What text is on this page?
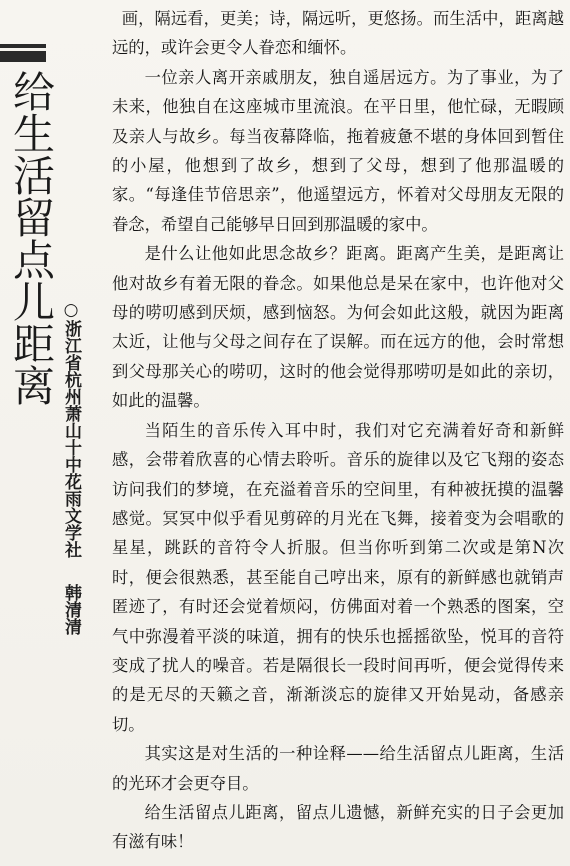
给生活留点儿距离
○浙江省杭州萧山十中花雨文学社韩清清

画，隔远看，更美；诗，隔远听，更悠扬。而生活中，距离越远的，或许会更令人眷恋和缅怀。

一位亲人离开亲戚朋友，独自遥居远方。为了事业，为了未来，他独自在这座城市里流浪。在平日里，他忙碌，无暇顾及亲人与故乡。每当夜幕降临，拖着疲惫不堪的身体回到暂住的小屋，他想到了故乡，想到了父母，想到了他那温暖的家。“每逢佳节倍思亲”，他遥望远方，怀着对父母朋友无限的眷念，希望自己能够早日回到那温暖的家中。

是什么让他如此思念故乡？距离。距离产生美，是距离让他对故乡有着无限的眷念。如果他总是呆在家中，也许他对父母的唠叨感到厌烦，感到恼怒。为何会如此这般，就因为距离太近，让他与父母之间存在了误解。而在远方的他，会时常想到父母那关心的唠叨，这时的他会觉得那唠叨是如此的亲切，如此的温馨。

当陌生的音乐传入耳中时，我们对它充满着好奇和新鲜感，会带着欣喜的心情去聆听。音乐的旋律以及它飞翔的姿态访问我们的梦境，在充溢着音乐的空间里，有种被抚摸的温馨感觉。冥冥中似乎看见剪碎的月光在飞舞，接着变为会唱歌的星星，跳跃的音符令人折服。但当你听到第二次或是第N次时，便会很熟悉，甚至能自己哼出来，原有的新鲜感也就销声匿迹了，有时还会觉着烦闷，仿佛面对着一个熟悉的图案，空气中弥漫着平淡的味道，拥有的快乐也摇摇欲坠，悦耳的音符变成了扰人的噪音。若是隔很长一段时间再听，便会觉得传来的是无尽的天籁之音，渐渐淡忘的旋律又开始晃动，备感亲切。

其实这是对生活的一种诠释——给生活留点儿距离，生活的光环才会更夺目。

给生活留点儿距离，留点儿遗憾，新鲜充实的日子会更加有滋有味！
